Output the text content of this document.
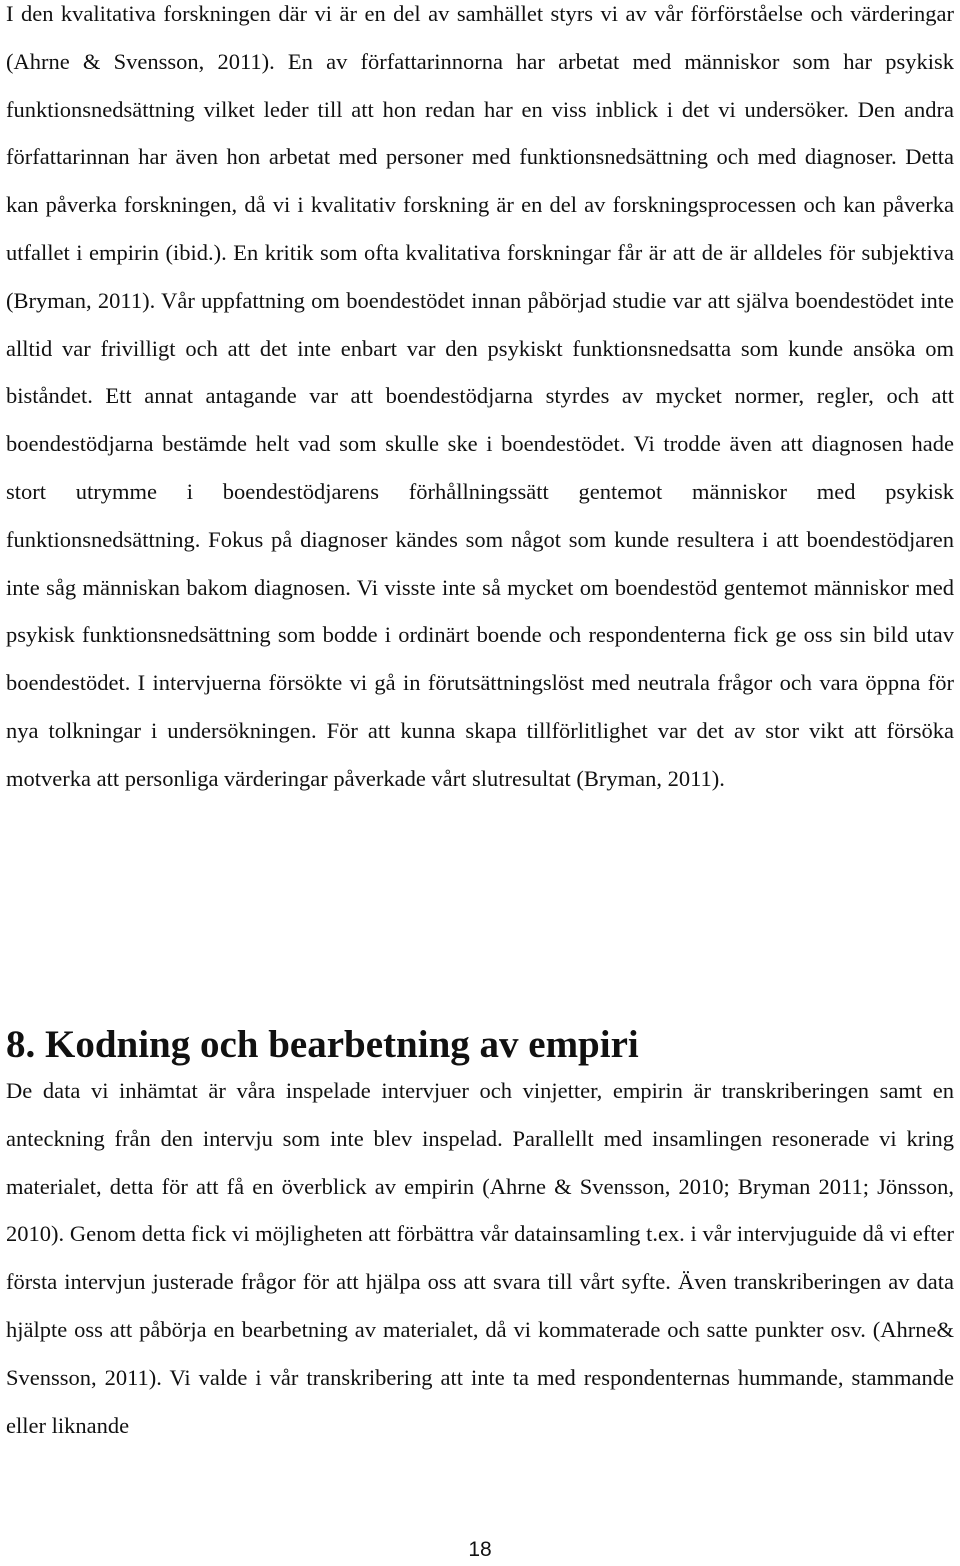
I den kvalitativa forskningen där vi är en del av samhället styrs vi av vår förförståelse och värderingar (Ahrne & Svensson, 2011). En av författarinnorna har arbetat med människor som har psykisk funktionsnedsättning vilket leder till att hon redan har en viss inblick i det vi undersöker. Den andra författarinnan har även hon arbetat med personer med funktionsnedsättning och med diagnoser. Detta kan påverka forskningen, då vi i kvalitativ forskning är en del av forskningsprocessen och kan påverka utfallet i empirin (ibid.). En kritik som ofta kvalitativa forskningar får är att de är alldeles för subjektiva (Bryman, 2011). Vår uppfattning om boendestödet innan påbörjad studie var att själva boendestödet inte alltid var frivilligt och att det inte enbart var den psykiskt funktionsnedsatta som kunde ansöka om biståndet. Ett annat antagande var att boendestödjarna styrdes av mycket normer, regler, och att boendestödjarna bestämde helt vad som skulle ske i boendestödet. Vi trodde även att diagnosen hade stort utrymme i boendestödjarens förhållningssätt gentemot människor med psykisk funktionsnedsättning. Fokus på diagnoser kändes som något som kunde resultera i att boendestödjaren inte såg människan bakom diagnosen. Vi visste inte så mycket om boendestöd gentemot människor med psykisk funktionsnedsättning som bodde i ordinärt boende och respondenterna fick ge oss sin bild utav boendestödet. I intervjuerna försökte vi gå in förutsättningslöst med neutrala frågor och vara öppna för nya tolkningar i undersökningen. För att kunna skapa tillförlitlighet var det av stor vikt att försöka motverka att personliga värderingar påverkade vårt slutresultat (Bryman, 2011).

8. Kodning och bearbetning av empiri

De data vi inhämtat är våra inspelade intervjuer och vinjetter, empirin är transkriberingen samt en anteckning från den intervju som inte blev inspelad. Parallellt med insamlingen resonerade vi kring materialet, detta för att få en överblick av empirin (Ahrne & Svensson, 2010; Bryman 2011; Jönsson, 2010). Genom detta fick vi möjligheten att förbättra vår datainsamling t.ex. i vår intervjuguide då vi efter första intervjun justerade frågor för att hjälpa oss att svara till vårt syfte. Även transkriberingen av data hjälpte oss att påbörja en bearbetning av materialet, då vi kommaterade och satte punkter osv. (Ahrne& Svensson, 2011). Vi valde i vår transkribering att inte ta med respondenternas hummande, stammande eller liknande

18
